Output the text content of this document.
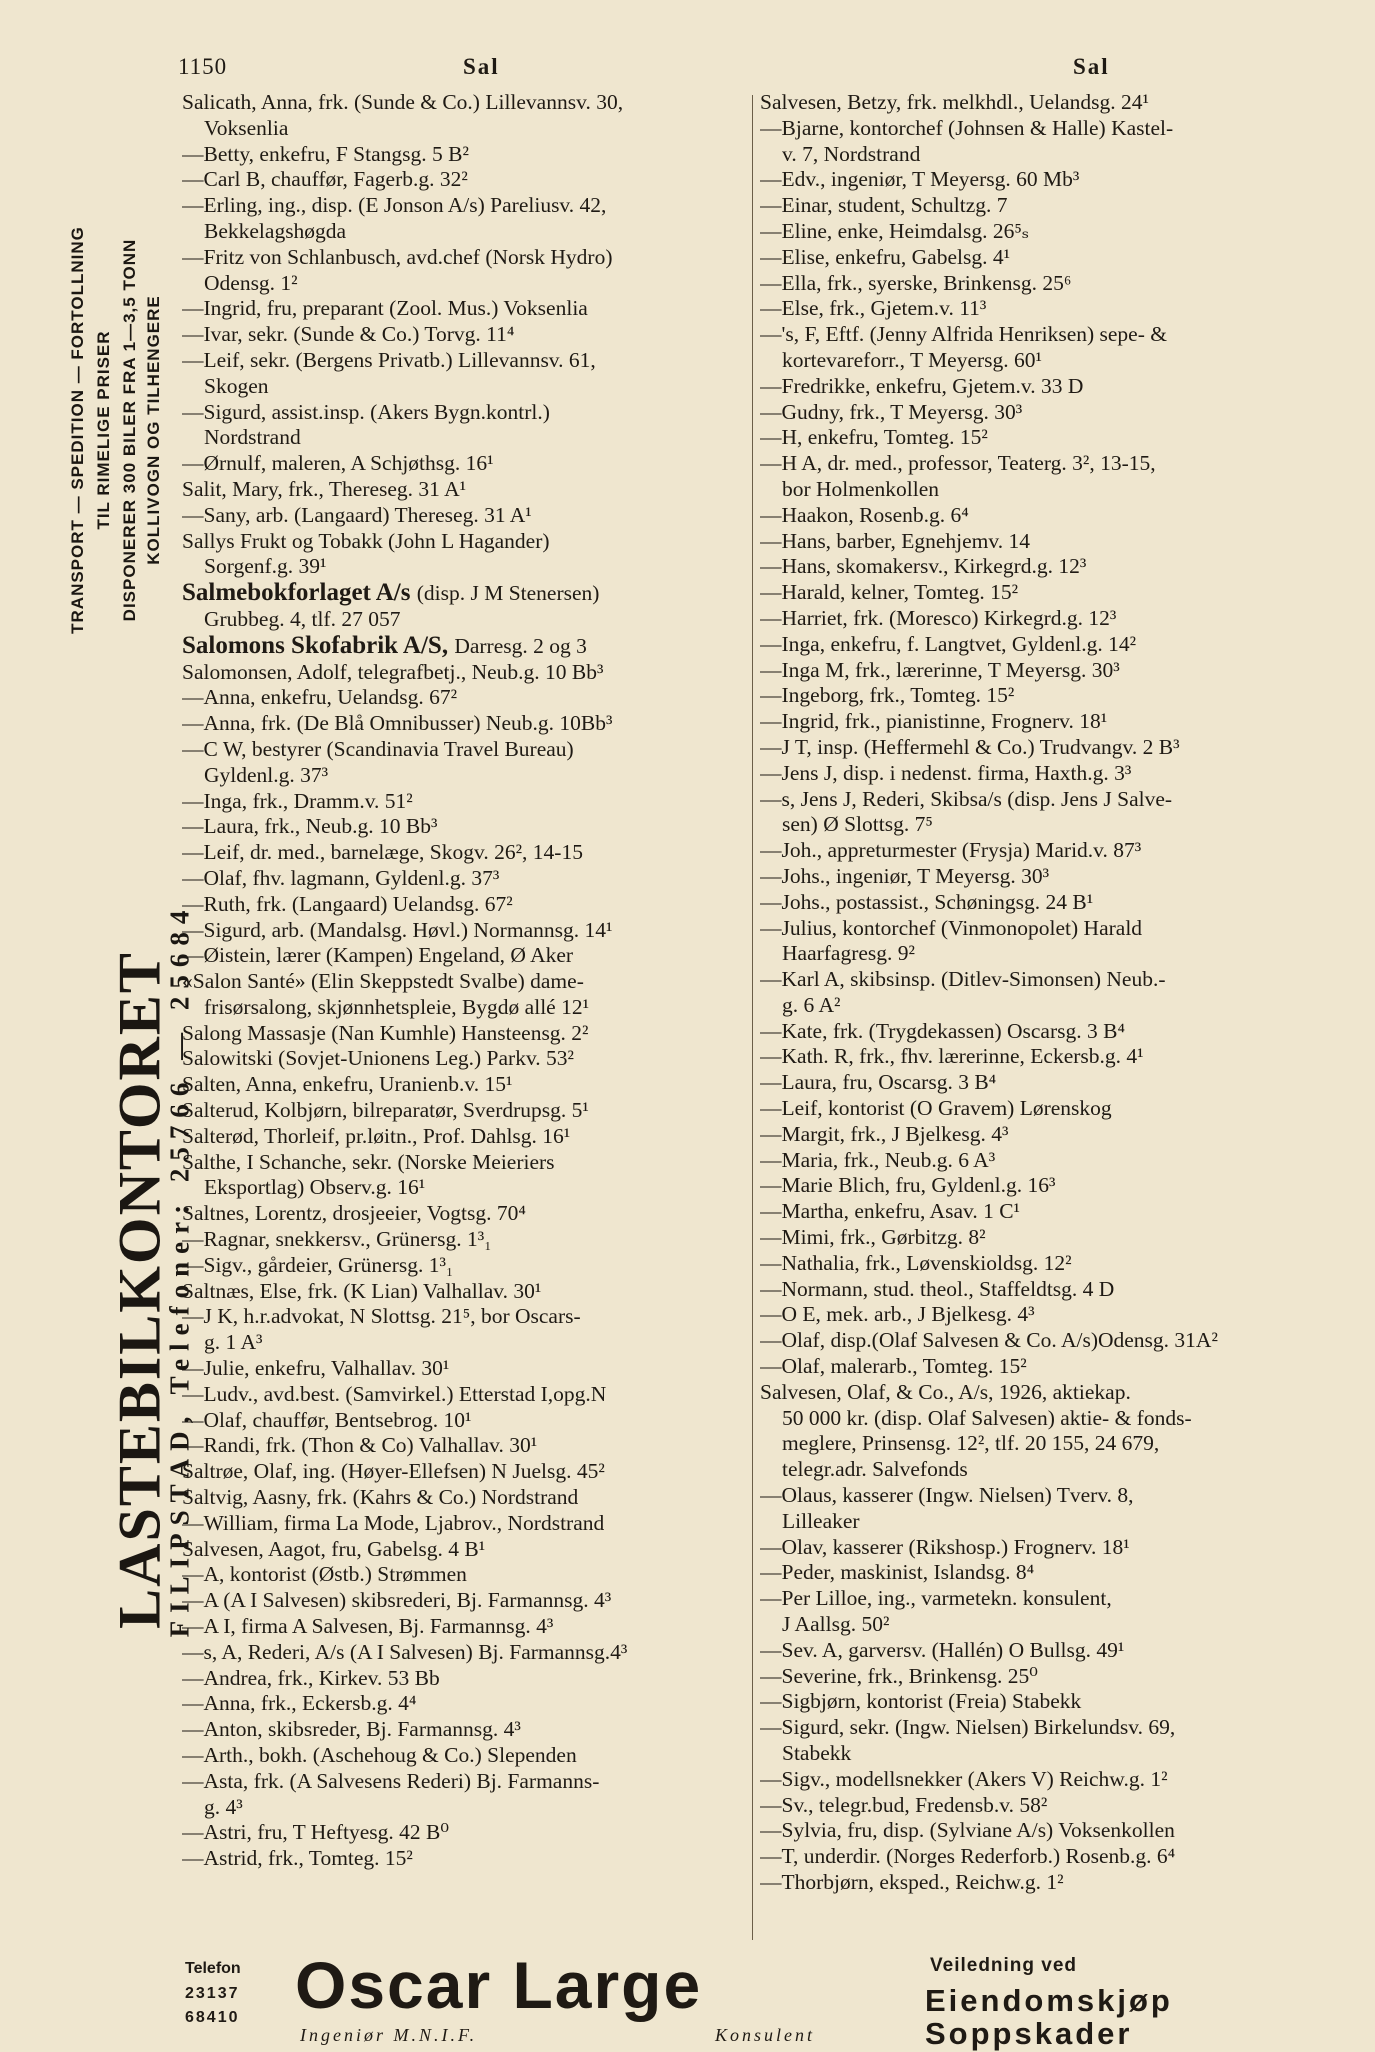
1150	Sal	Sal
TRANSPORT — SPEDITION — FORTOLLNING TIL RIMELIGE PRISER DISPONERER 300 BILER FRA 1—3,5 TONN KOLLIVOGN OG TILHENGERE
LASTEBILKONTORET
FILIPSTAD, Telefoner: 25766 — 25684
Salicath, Anna, frk. (Sunde & Co.) Lillevannsv. 30,
Voksenlia
—Betty, enkefru, F Stangsg. 5 B²
—Carl B, chauffør, Fagerb.g. 32²
—Erling, ing., disp. (E Jonson A/s) Pareliusv. 42,
Bekkelagshøgda
—Fritz von Schlanbusch, avd.chef (Norsk Hydro)
Odensg. 1²
—Ingrid, fru, preparant (Zool. Mus.) Voksenlia
—Ivar, sekr. (Sunde & Co.) Torvg. 11⁴
—Leif, sekr. (Bergens Privatb.) Lillevannsv. 61,
Skogen
—Sigurd, assist.insp. (Akers Bygn.kontrl.)
Nordstrand
—Ørnulf, maleren, A Schjøthsg. 16¹
Salit, Mary, frk., Thereseg. 31 A¹
—Sany, arb. (Langaard) Thereseg. 31 A¹
Sallys Frukt og Tobakk (John L Hagander)
Sorgenf.g. 39¹
Salmebokforlaget A/s (disp. J M Stenersen)
Grubbeg. 4, tlf. 27 057
Salomons Skofabrik A/S, Darresg. 2 og 3
Salomonsen, Adolf, telegrafbetj., Neub.g. 10 Bb³
—Anna, enkefru, Uelandsg. 67²
—Anna, frk. (De Blå Omnibusser) Neub.g. 10Bb³
—C W, bestyrer (Scandinavia Travel Bureau)
Gyldenl.g. 37³
—Inga, frk., Dramm.v. 51²
—Laura, frk., Neub.g. 10 Bb³
—Leif, dr. med., barnelæge, Skogv. 26², 14-15
—Olaf, fhv. lagmann, Gyldenl.g. 37³
—Ruth, frk. (Langaard) Uelandsg. 67²
—Sigurd, arb. (Mandalsg. Høvl.) Normannsg. 14¹
—Øistein, lærer (Kampen) Engeland, Ø Aker
«Salon Santé» (Elin Skeppstedt Svalbe) dame-
frisørsalong, skjønnhetspleie, Bygdø allé 12¹
Salong Massasje (Nan Kumhle) Hansteensg. 2²
Salowitski (Sovjet-Unionens Leg.) Parkv. 53²
Salten, Anna, enkefru, Uranienb.v. 15¹
Salterud, Kolbjørn, bilreparatør, Sverdrupsg. 5¹
Salterød, Thorleif, pr.løitn., Prof. Dahlsg. 16¹
Salthe, I Schanche, sekr. (Norske Meieriers
Eksportlag) Observ.g. 16¹
Saltnes, Lorentz, drosjeeier, Vogtsg. 70⁴
—Ragnar, snekkersv., Grünersg. 1³₁
—Sigv., gårdeier, Grünersg. 1³₁
Saltnæs, Else, frk. (K Lian) Valhallav. 30¹
—J K, h.r.advokat, N Slottsg. 21⁵, bor Oscars-
g. 1 A³
—Julie, enkefru, Valhallav. 30¹
—Ludv., avd.best. (Samvirkel.) Etterstad I,opg.N
—Olaf, chauffør, Bentsebrog. 10¹
—Randi, frk. (Thon & Co) Valhallav. 30¹
Saltrøe, Olaf, ing. (Høyer-Ellefsen) N Juelsg. 45²
Saltvig, Aasny, frk. (Kahrs & Co.) Nordstrand
—William, firma La Mode, Ljabrov., Nordstrand
Salvesen, Aagot, fru, Gabelsg. 4 B¹
—A, kontorist (Østb.) Strømmen
—A (A I Salvesen) skibsrederi, Bj. Farmannsg. 4³
—A I, firma A Salvesen, Bj. Farmannsg. 4³
—s, A, Rederi, A/s (A I Salvesen) Bj. Farmannsg.4³
—Andrea, frk., Kirkev. 53 Bb
—Anna, frk., Eckersb.g. 4⁴
—Anton, skibsreder, Bj. Farmannsg. 4³
—Arth., bokh. (Aschehoug & Co.) Slependen
—Asta, frk. (A Salvesens Rederi) Bj. Farmanns-
g. 4³
—Astri, fru, T Heftyesg. 42 B⁰
—Astrid, frk., Tomteg. 15²
Salvesen, Betzy, frk. melkhdl., Uelandsg. 24¹
—Bjarne, kontorchef (Johnsen & Halle) Kastel-
v. 7, Nordstrand
—Edv., ingeniør, T Meyersg. 60 Mb³
—Einar, student, Schultzg. 7
—Eline, enke, Heimdalsg. 26⁵ₛ
—Elise, enkefru, Gabelsg. 4¹
—Ella, frk., syerske, Brinkensg. 25⁶
—Else, frk., Gjetem.v. 11³
—'s, F, Eftf. (Jenny Alfrida Henriksen) sepe- &
kortevareforr., T Meyersg. 60¹
—Fredrikke, enkefru, Gjetem.v. 33 D
—Gudny, frk., T Meyersg. 30³
—H, enkefru, Tomteg. 15²
—H A, dr. med., professor, Teaterg. 3², 13-15,
bor Holmenkollen
—Haakon, Rosenb.g. 6⁴
—Hans, barber, Egnehjemv. 14
—Hans, skomakersv., Kirkegrd.g. 12³
—Harald, kelner, Tomteg. 15²
—Harriet, frk. (Moresco) Kirkegrd.g. 12³
—Inga, enkefru, f. Langtvet, Gyldenl.g. 14²
—Inga M, frk., lærerinne, T Meyersg. 30³
—Ingeborg, frk., Tomteg. 15²
—Ingrid, frk., pianistinne, Frognerv. 18¹
—J T, insp. (Heffermehl & Co.) Trudvangv. 2 B³
—Jens J, disp. i nedenst. firma, Haxth.g. 3³
—s, Jens J, Rederi, Skibsa/s (disp. Jens J Salve-
sen) Ø Slottsg. 7⁵
—Joh., appreturmester (Frysja) Marid.v. 87³
—Johs., ingeniør, T Meyersg. 30³
—Johs., postassist., Schøningsg. 24 B¹
—Julius, kontorchef (Vinmonopolet) Harald
Haarfagresg. 9²
—Karl A, skibsinsp. (Ditlev-Simonsen) Neub.-
g. 6 A²
—Kate, frk. (Trygdekassen) Oscarsg. 3 B⁴
—Kath. R, frk., fhv. lærerinne, Eckersb.g. 4¹
—Laura, fru, Oscarsg. 3 B⁴
—Leif, kontorist (O Gravem) Lørenskog
—Margit, frk., J Bjelkesg. 4³
—Maria, frk., Neub.g. 6 A³
—Marie Blich, fru, Gyldenl.g. 16³
—Martha, enkefru, Asav. 1 C¹
—Mimi, frk., Gørbitzg. 8²
—Nathalia, frk., Løvenskioldsg. 12²
—Normann, stud. theol., Staffeldtsg. 4 D
—O E, mek. arb., J Bjelkesg. 4³
—Olaf, disp.(Olaf Salvesen & Co. A/s)Odensg. 31A²
—Olaf, malerarb., Tomteg. 15²
Salvesen, Olaf, & Co., A/s, 1926, aktiekap.
50 000 kr. (disp. Olaf Salvesen) aktie- & fonds-
meglere, Prinsensg. 12², tlf. 20 155, 24 679,
telegr.adr. Salvefonds
—Olaus, kasserer (Ingw. Nielsen) Tverv. 8,
Lilleaker
—Olav, kasserer (Rikshosp.) Frognerv. 18¹
—Peder, maskinist, Islandsg. 8⁴
—Per Lilloe, ing., varmetekn. konsulent,
J Aallsg. 50²
—Sev. A, garversv. (Hallén) O Bullsg. 49¹
—Severine, frk., Brinkensg. 25⁰
—Sigbjørn, kontorist (Freia) Stabekk
—Sigurd, sekr. (Ingw. Nielsen) Birkelundsv. 69,
Stabekk
—Sigv., modellsnekker (Akers V) Reichw.g. 1²
—Sv., telegr.bud, Fredensb.v. 58²
—Sylvia, fru, disp. (Sylviane A/s) Voksenkollen
—T, underdir. (Norges Rederforb.) Rosenb.g. 6⁴
—Thorbjørn, eksped., Reichw.g. 1²
Telefon
23137
68410 Oscar Large
Ingeniør M.N.I.F.	Konsulent
Veiledning ved
Eiendomskjøp
Soppskader
